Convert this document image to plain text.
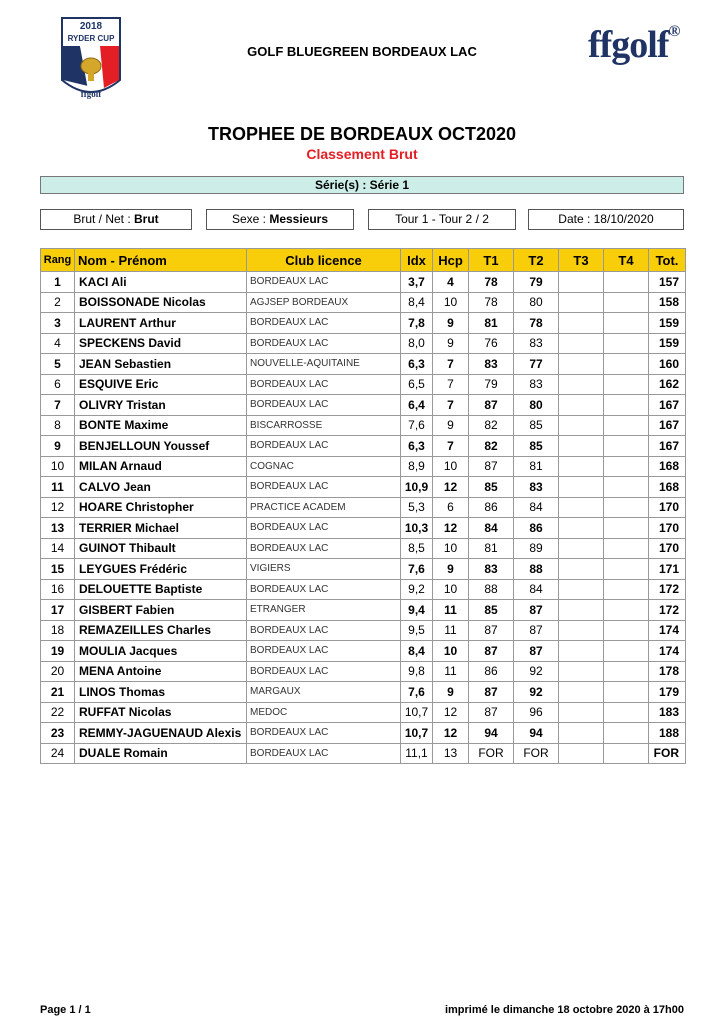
2018
RYDER CUP
ffgolf
GOLF BLUEGREEN BORDEAUX LAC	ffgolf®
TROPHEE DE BORDEAUX OCT2020
Classement Brut
Série(s) : Série 1
Brut / Net : Brut	Sexe : Messieurs	Tour 1 - Tour 2 / 2	Date : 18/10/2020
Rang	Nom - Prénom	Club licence	Idx	Hcp	T1	T2	T3	T4	Tot.
1	KACI Ali	BORDEAUX LAC	3,7	4	78	79			157
2	BOISSONADE Nicolas	AGJSEP BORDEAUX	8,4	10	78	80			158
3	LAURENT Arthur	BORDEAUX LAC	7,8	9	81	78			159
4	SPECKENS David	BORDEAUX LAC	8,0	9	76	83			159
5	JEAN Sebastien	NOUVELLE-AQUITAINE	6,3	7	83	77			160
6	ESQUIVE Eric	BORDEAUX LAC	6,5	7	79	83			162
7	OLIVRY Tristan	BORDEAUX LAC	6,4	7	87	80			167
8	BONTE Maxime	BISCARROSSE	7,6	9	82	85			167
9	BENJELLOUN Youssef	BORDEAUX LAC	6,3	7	82	85			167
10	MILAN Arnaud	COGNAC	8,9	10	87	81			168
11	CALVO Jean	BORDEAUX LAC	10,9	12	85	83			168
12	HOARE Christopher	PRACTICE ACADEM	5,3	6	86	84			170
13	TERRIER Michael	BORDEAUX LAC	10,3	12	84	86			170
14	GUINOT Thibault	BORDEAUX LAC	8,5	10	81	89			170
15	LEYGUES Frédéric	VIGIERS	7,6	9	83	88			171
16	DELOUETTE Baptiste	BORDEAUX LAC	9,2	10	88	84			172
17	GISBERT Fabien	ETRANGER	9,4	11	85	87			172
18	REMAZEILLES Charles	BORDEAUX LAC	9,5	11	87	87			174
19	MOULIA Jacques	BORDEAUX LAC	8,4	10	87	87			174
20	MENA Antoine	BORDEAUX LAC	9,8	11	86	92			178
21	LINOS Thomas	MARGAUX	7,6	9	87	92			179
22	RUFFAT Nicolas	MEDOC	10,7	12	87	96			183
23	REMMY-JAGUENAUD Alexis	BORDEAUX LAC	10,7	12	94	94			188
24	DUALE Romain	BORDEAUX LAC	11,1	13	FOR	FOR			FOR
Page 1 / 1	imprimé le dimanche 18 octobre 2020 à 17h00
